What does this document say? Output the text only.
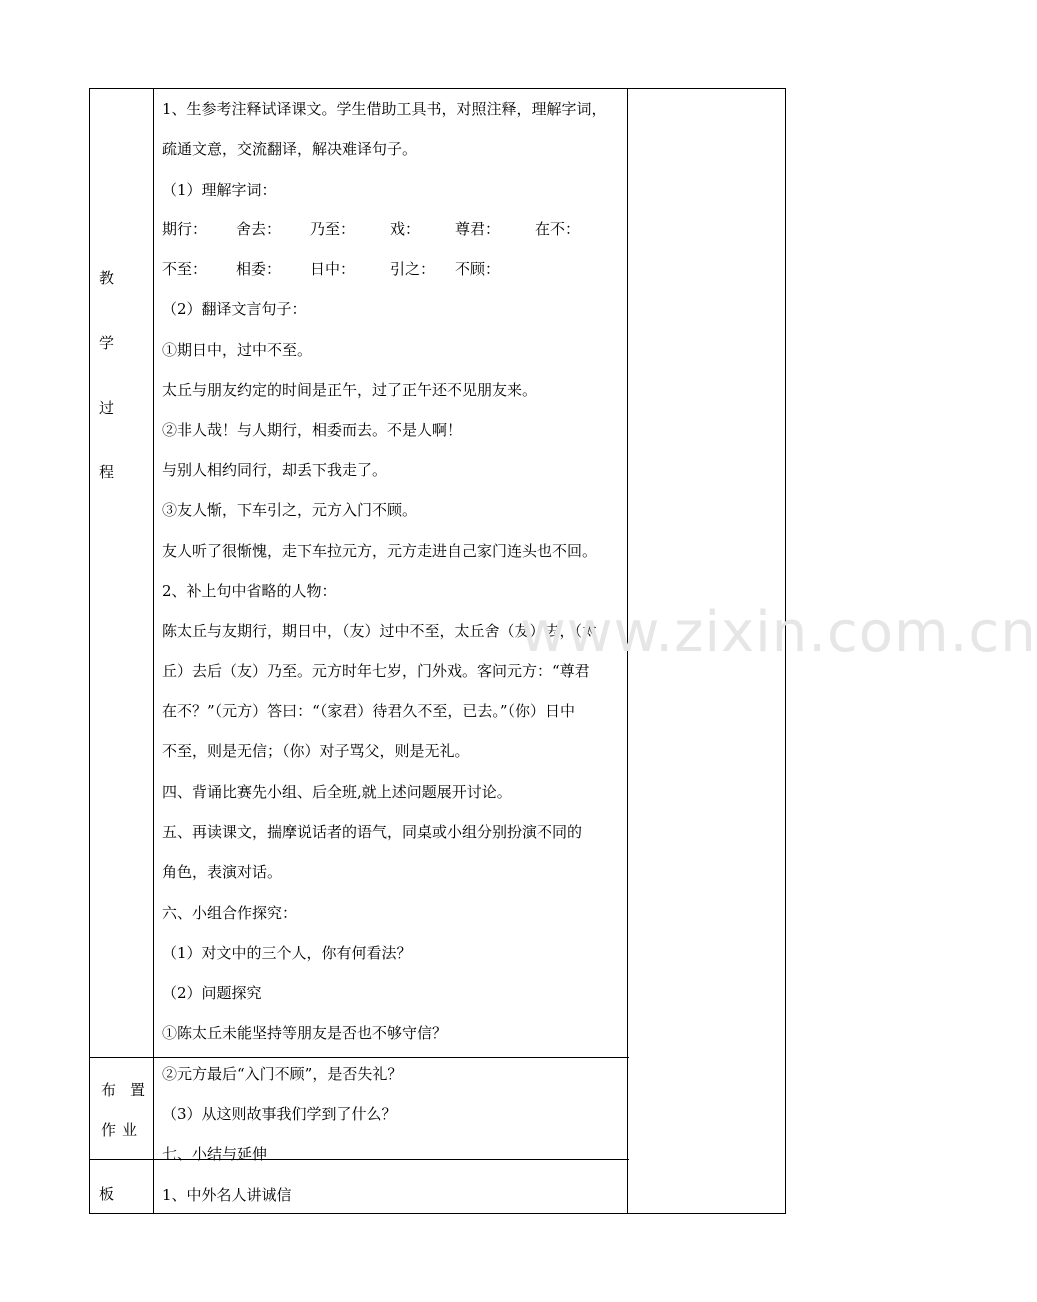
教
学
过
程
布 置
作 业
板
1、生参考注释试译课文。学生借助工具书，对照注释，理解字词，
疏通文意，交流翻译，解决难译句子。
（1）理解字词：
期行： 舍去： 乃至： 戏： 尊君： 在不：
不至： 相委： 日中： 引之： 不顾：
（2）翻译文言句子：
①期日中，过中不至。
太丘与朋友约定的时间是正午，过了正午还不见朋友来。
②非人哉！与人期行，相委而去。不是人啊！
与别人相约同行，却丢下我走了。
③友人惭，下车引之，元方入门不顾。
友人听了很惭愧，走下车拉元方，元方走进自己家门连头也不回。
2、补上句中省略的人物：
陈太丘与友期行，期日中，（友）过中不至，太丘舍（友）去，（太
丘）去后（友）乃至。元方时年七岁，门外戏。客问元方：“尊君
在不？”（元方）答曰：“（家君）待君久不至，已去。”（你）日中
不至，则是无信；（你）对子骂父，则是无礼。
四、背诵比赛先小组、后全班,就上述问题展开讨论。
五、再读课文，揣摩说话者的语气，同桌或小组分别扮演不同的
角色，表演对话。
六、小组合作探究：
（1）对文中的三个人，你有何看法？
（2）问题探究
①陈太丘未能坚持等朋友是否也不够守信？
②元方最后“入门不顾”，是否失礼？
（3）从这则故事我们学到了什么？
七、小结与延伸
1、中外名人讲诚信
www.zixin.com.cn
